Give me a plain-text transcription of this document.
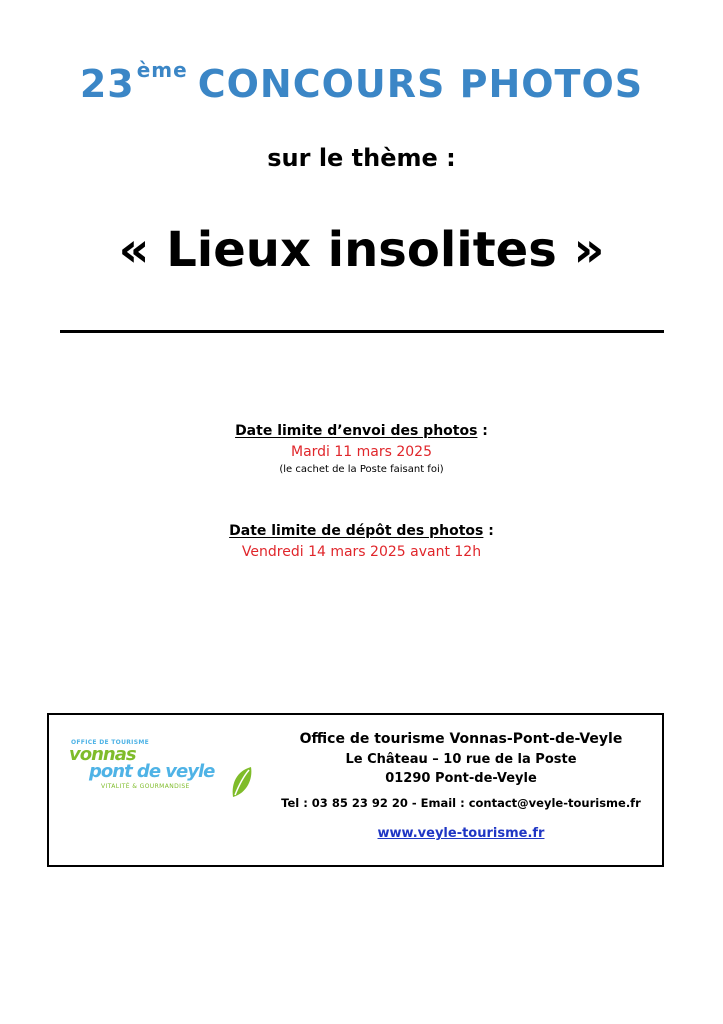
23 $^{ème}$ CONCOURS PHOTOS
sur le thème :
« Lieux insolites »
Date limite d’envoi des photos :
Mardi 11 mars 2025
(le cachet de la Poste faisant foi)
Date limite de dépôt des photos :
Vendredi 14 mars 2025 avant 12h
OFFICE DE TOURISME
vonnas
pont de veyle
VITALITÉ & GOURMANDISE
Office de tourisme Vonnas-Pont-de-Veyle
Le Château – 10 rue de la Poste
01290 Pont-de-Veyle
Tel : 03 85 23 92 20 - Email : contact@veyle-tourisme.fr
www.veyle-tourisme.fr
